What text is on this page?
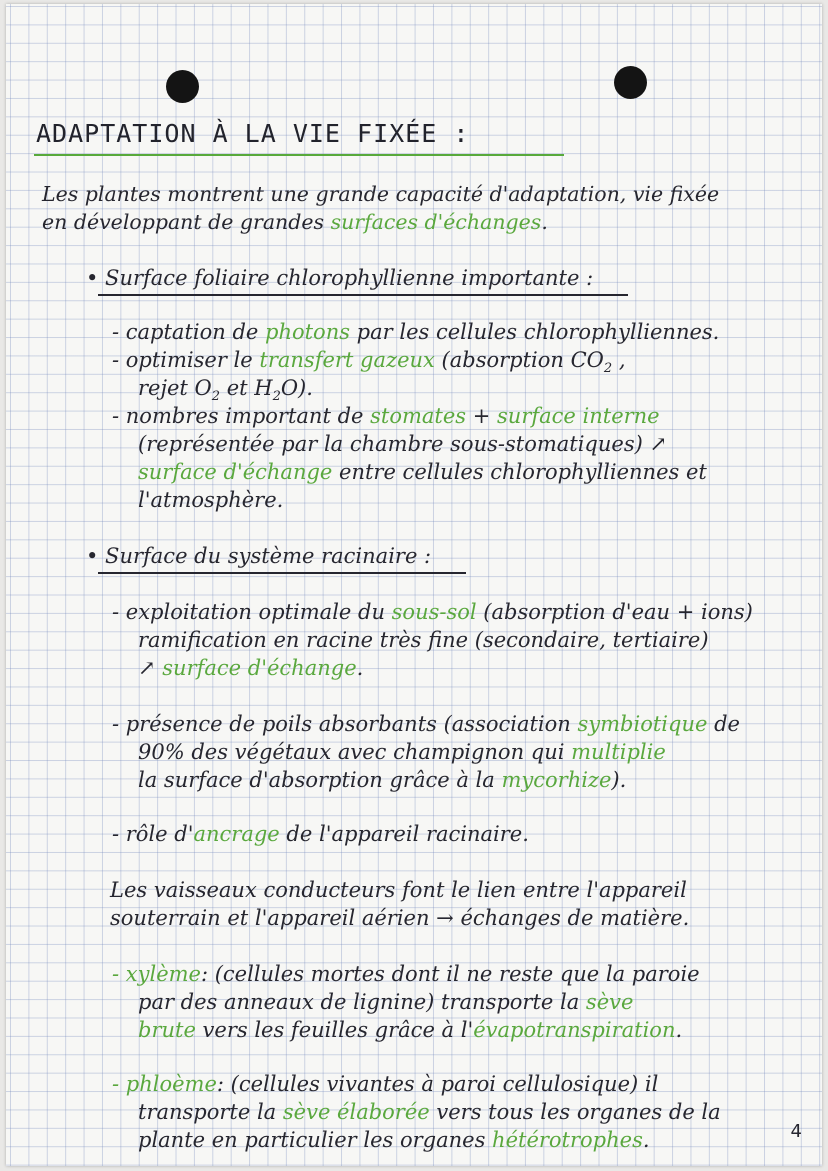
ADAPTATION À LA VIE FIXÉE :
Les plantes montrent une grande capacité d'adaptation, vie fixée
en développant de grandes surfaces d'échanges.
• Surface foliaire chlorophyllienne importante :
- captation de photons par les cellules chlorophylliennes.
- optimiser le transfert gazeux (absorption $CO_2$ ,
rejet $O_2$ et $H_2O$).
- nombres important de stomates + surface interne
(représentée par la chambre sous-stomatiques) ↗
surface d'échange entre cellules chlorophylliennes et
l'atmosphère.
• Surface du système racinaire :
- exploitation optimale du sous-sol (absorption d'eau + ions)
ramification en racine très fine (secondaire, tertiaire)
↗ surface d'échange.
- présence de poils absorbants (association symbiotique de
90% des végétaux avec champignon qui multiplie
la surface d'absorption grâce à la mycorhize).
- rôle d'ancrage de l'appareil racinaire.
Les vaisseaux conducteurs font le lien entre l'appareil
souterrain et l'appareil aérien → échanges de matière.
- xylème: (cellules mortes dont il ne reste que la paroie
par des anneaux de lignine) transporte la sève
brute vers les feuilles grâce à l'évapotranspiration.
- phloème: (cellules vivantes à paroi cellulosique) il
transporte la sève élaborée vers tous les organes de la
plante en particulier les organes hétérotrophes.	4
